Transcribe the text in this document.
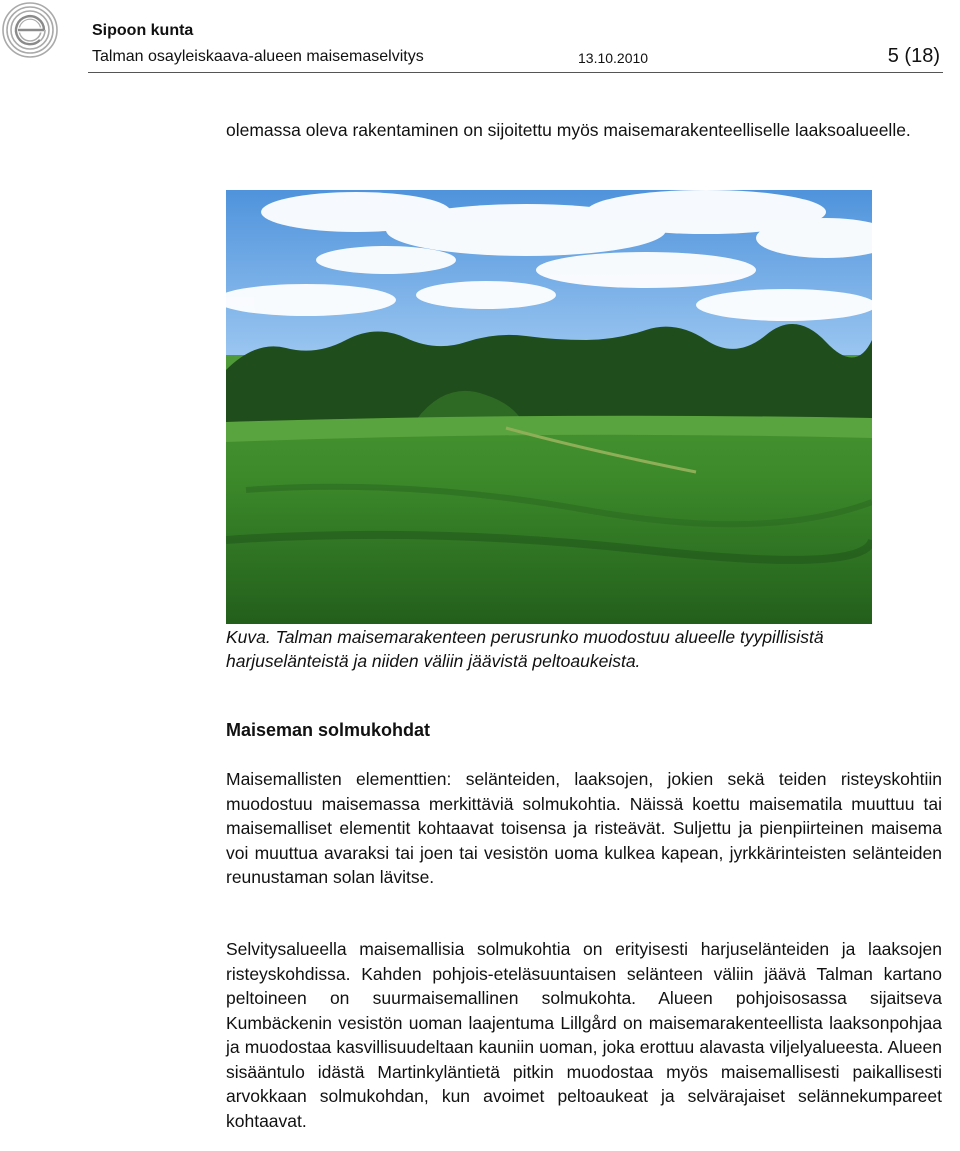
Sipoon kunta
Talman osayleiskaava-alueen maisemaselvitys	13.10.2010	5 (18)

olemassa oleva rakentaminen on sijoitettu myös maisemarakenteelliselle laaksoalueelle.

Kuva. Talman maisemarakenteen perusrunko muodostuu alueelle tyypillisistä harjuselänteistä ja niiden väliin jäävistä peltoaukeista.
Maiseman solmukohdat

Maisemallisten elementtien: selänteiden, laaksojen, jokien sekä teiden risteyskohtiin muodostuu maisemassa merkittäviä solmukohtia. Näissä koettu maisematila muuttuu tai maisemalliset elementit kohtaavat toisensa ja risteävät. Suljettu ja pienpiirteinen maisema voi muuttua avaraksi tai joen tai vesistön uoma kulkea kapean, jyrkkärinteisten selänteiden reunustaman solan lävitse.

Selvitysalueella maisemallisia solmukohtia on erityisesti harjuselänteiden ja laaksojen risteyskohdissa. Kahden pohjois-eteläsuuntaisen selänteen väliin jäävä Talman kartano peltoineen on suurmaisemallinen solmukohta. Alueen pohjoisosassa sijaitseva Kumbäckenin vesistön uoman laajentuma Lillgård on maisemarakenteellista laaksonpohjaa ja muodostaa kasvillisuudeltaan kauniin uoman, joka erottuu alavasta viljelyalueesta. Alueen sisääntulo idästä Martinkyläntietä pitkin muodostaa myös maisemallisesti paikallisesti arvokkaan solmukohdan, kun avoimet peltoaukeat ja selvärajaiset selännekumpareet kohtaavat.
